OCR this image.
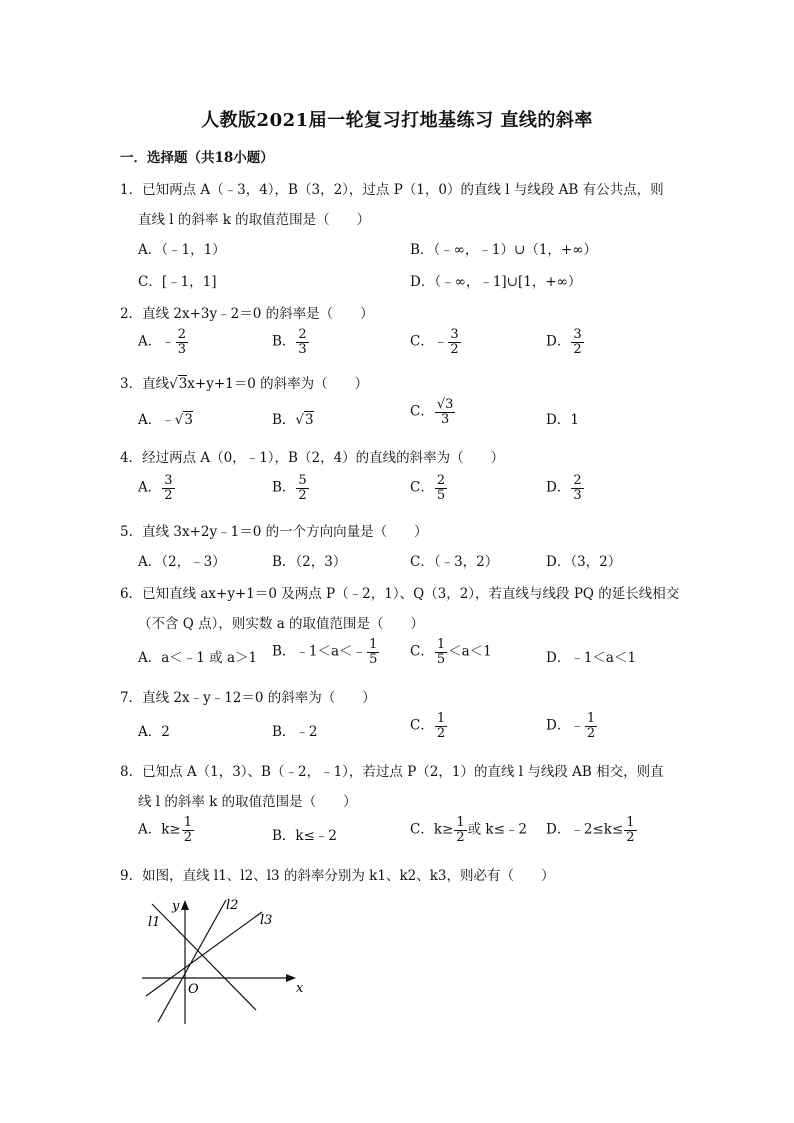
人教版2021届一轮复习打地基练习 直线的斜率
一．选择题（共18小题）
1．已知两点 A（﹣3，4），B（3，2），过点 P（1，0）的直线 l 与线段 AB 有公共点，则
直线 l 的斜率 k 的取值范围是（　　）
A．（﹣1，1）	B．（﹣∞，﹣1）∪（1，+∞）
C．[﹣1，1]	D．（﹣∞，﹣1]∪[1，+∞）
2．直线 2x+3y﹣2＝0 的斜率是（　　）
A．﹣ $\frac{2}{3}$	B． $\frac{2}{3}$	C．﹣ $\frac{3}{2}$	D． $\frac{3}{2}$
3．直线√3x+y+1＝0 的斜率为（　　）
A．﹣√3	B．√3
C． $\frac{√3}{3}$	D．1
4．经过两点 A（0，﹣1），B（2，4）的直线的斜率为（　　）
A． $\frac{3}{2}$	B． $\frac{5}{2}$	C． $\frac{2}{5}$	D． $\frac{2}{3}$
5．直线 3x+2y﹣1＝0 的一个方向向量是（　　）
A．（2，﹣3）	B．（2，3）	C．（﹣3，2）	D．（3，2）
6．已知直线 ax+y+1＝0 及两点 P（﹣2，1）、Q（3，2），若直线与线段 PQ 的延长线相交
（不含 Q 点），则实数 a 的取值范围是（　　）
A．a＜﹣1 或 a＞1 B．﹣1＜a＜﹣ $\frac{1}{5}$ C． $\frac{1}{5} <a<1$	D．﹣1＜a＜1
7．直线 2x﹣y﹣12＝0 的斜率为（　　）
A．2	B．﹣2	C． $\frac{1}{2}$	D．﹣ $\frac{1}{2}$
8．已知点 A（1，3）、B（﹣2，﹣1），若过点 P（2，1）的直线 l 与线段 AB 相交，则直
线 l 的斜率 k 的取值范围是（　　）
A．$k\ge \frac{1}{2}$	B．k≤﹣2	C．$k\ge \frac{1}{2}$ 或 k≤﹣2 D．﹣2≤k≤ $\frac{1}{2}$
9．如图，直线 l1、l2、l3 的斜率分别为 k1、k2、k3，则必有（　　）
y
x
O
l1
l2
l3
